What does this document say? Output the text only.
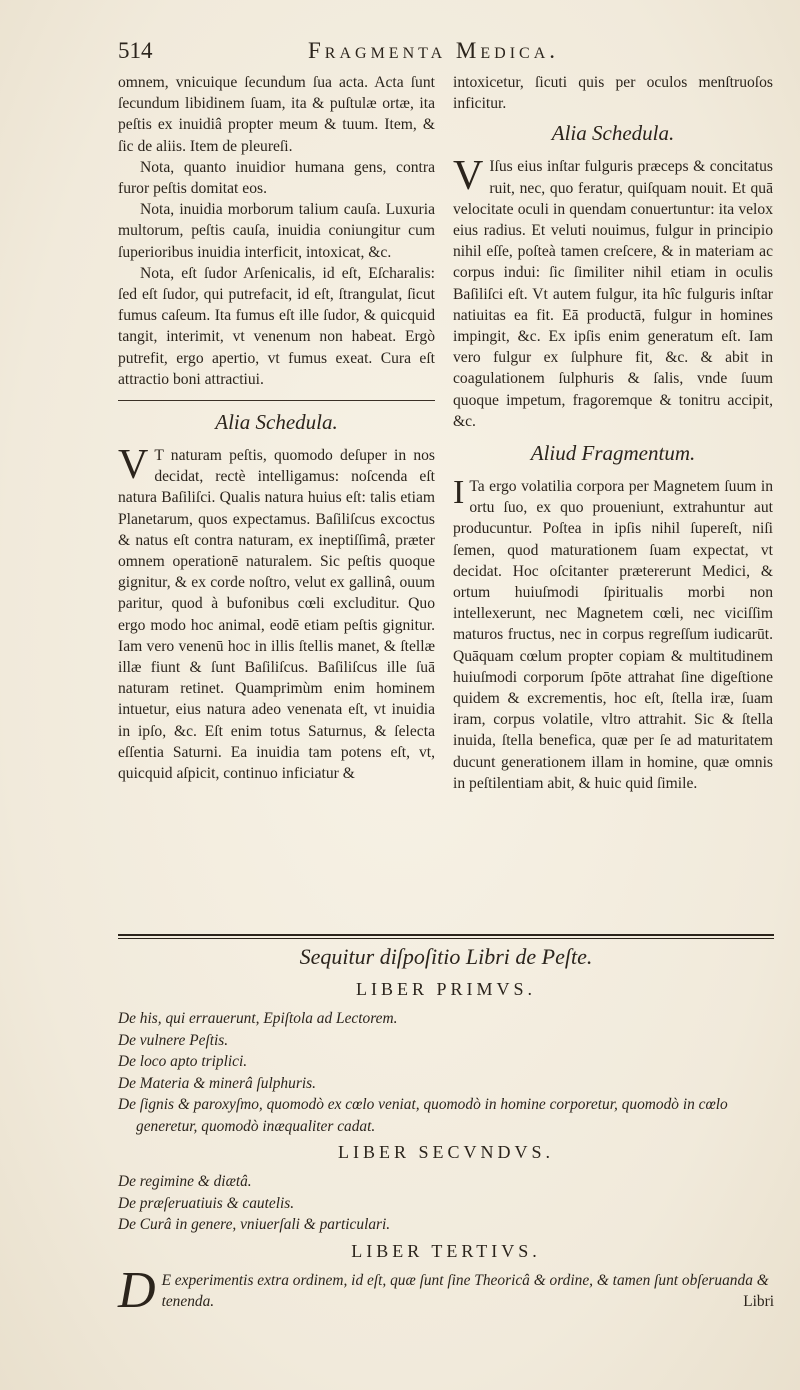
514	Fragmenta Medica.

omnem, vnicuique ſecundum ſua acta. Acta ſunt ſecundum libidinem ſuam, ita & puſtulæ ortæ, ita peſtis ex inuidiâ propter meum & tuum. Item, & ſic de aliis. Item de pleureſi.

Nota, quanto inuidior humana gens, contra furor peſtis domitat eos.

Nota, inuidia morborum talium cauſa. Luxuria multorum, peſtis cauſa, inuidia coniungitur cum ſuperioribus inuidia interficit, intoxicat, &c.

Nota, eſt ſudor Arſenicalis, id eſt, Eſcharalis: ſed eſt ſudor, qui putrefacit, id eſt, ſtrangulat, ſicut fumus caſeum. Ita fumus eſt ille ſudor, & quicquid tangit, interimit, vt venenum non habeat. Ergò putrefit, ergo apertio, vt fumus exeat. Cura eſt attractio boni attractiui.

Alia Schedula.
V T naturam peſtis, quomodo deſuper in nos decidat, rectè intelligamus: noſcenda eſt natura Baſiliſci. Qualis natura huius eſt: talis etiam Planetarum, quos expectamus. Baſiliſcus excoctus & natus eſt contra naturam, ex ineptiſſimâ, præter omnem operationē naturalem. Sic peſtis quoque gignitur, & ex corde noſtro, velut ex gallinâ, ouum paritur, quod à bufonibus cœli excluditur. Quo ergo modo hoc animal, eodē etiam peſtis gignitur. Iam vero venenū hoc in illis ſtellis manet, & ſtellæ illæ fiunt & ſunt Baſiliſcus. Baſiliſcus ille ſuā naturam retinet. Quamprimùm enim hominem intuetur, eius natura adeo venenata eſt, vt inuidia in ipſo, &c. Eſt enim totus Saturnus, & ſelecta eſſentia Saturni. Ea inuidia tam potens eſt, vt, quicquid aſpicit, continuo inficiatur &

intoxicetur, ſicuti quis per oculos menſtruoſos inficitur.

Alia Schedula.
V Iſus eius inſtar fulguris præceps & concitatus ruit, nec, quo feratur, quiſquam nouit. Et quā velocitate oculi in quendam conuertuntur: ita velox eius radius. Et veluti nouimus, fulgur in principio nihil eſſe, poſteà tamen creſcere, & in materiam ac corpus indui: ſic ſimiliter nihil etiam in oculis Baſiliſci eſt. Vt autem fulgur, ita hîc fulguris inſtar natiuitas ea fit. Eā productā, fulgur in homines impingit, &c. Ex ipſis enim generatum eſt. Iam vero fulgur ex ſulphure fit, &c. & abit in coagulationem ſulphuris & ſalis, vnde ſuum quoque impetum, fragoremque & tonitru accipit, &c.
Aliud Fragmentum.
I Ta ergo volatilia corpora per Magnetem ſuum in ortu ſuo, ex quo proueniunt, extrahuntur aut producuntur. Poſtea in ipſis nihil ſupereſt, niſi ſemen, quod maturationem ſuam expectat, vt decidat. Hoc oſcitanter prætererunt Medici, & ortum huiuſmodi ſpiritualis morbi non intellexerunt, nec Magnetem cœli, nec viciſſim maturos fructus, nec in corpus regreſſum iudicarūt. Quāquam cœlum propter copiam & multitudinem huiuſmodi corporum ſpōte attrahat ſine digeſtione quidem & excrementis, hoc eſt, ſtella iræ, ſuam iram, corpus volatile, vltro attrahit. Sic & ſtella inuida, ſtella benefica, quæ per ſe ad maturitatem ducunt generationem illam in homine, quæ omnis in peſtilentiam abit, & huic quid ſimile.
Sequitur diſpoſitio Libri de Peſte.
LIBER PRIMVS.

De his, qui errauerunt, Epiſtola ad Lectorem.

De vulnere Peſtis.

De loco apto triplici.

De Materia & minerâ ſulphuris.

De ſignis & paroxyſmo, quomodò ex cœlo veniat, quomodò in homine corporetur, quomodò in cœlo generetur, quomodò inæqualiter cadat.

LIBER SECVNDVS.

De regimine & diætâ.

De præſeruatiuis & cautelis.

De Curâ in genere, vniuerſali & particulari.

LIBER TERTIVS.
D E experimentis extra ordinem, id eſt, quæ ſunt ſine Theoricâ & ordine, & tamen ſunt obſeruanda & tenenda.	Libri
